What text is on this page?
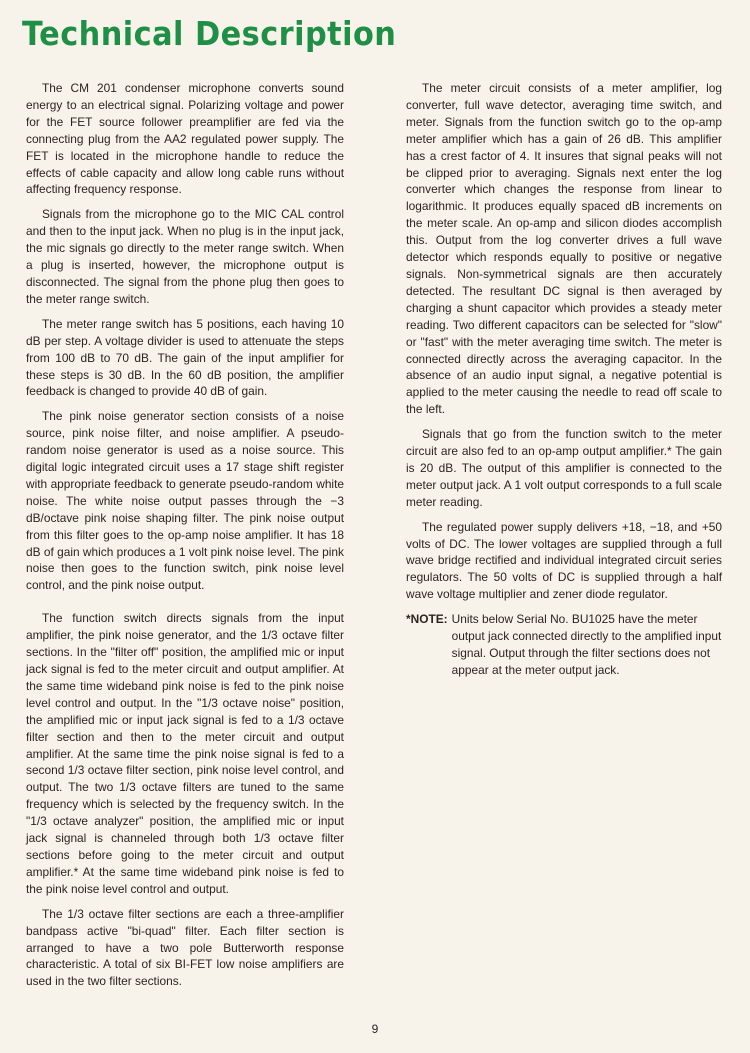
Technical Description

The CM 201 condenser microphone converts sound energy to an electrical signal. Polarizing voltage and power for the FET source follower preamplifier are fed via the connecting plug from the AA2 regulated power supply. The FET is located in the microphone handle to reduce the effects of cable capacity and allow long cable runs without affecting frequency response.

Signals from the microphone go to the MIC CAL control and then to the input jack. When no plug is in the input jack, the mic signals go directly to the meter range switch. When a plug is inserted, however, the microphone output is disconnected. The signal from the phone plug then goes to the meter range switch.

The meter range switch has 5 positions, each having 10 dB per step. A voltage divider is used to attenuate the steps from 100 dB to 70 dB. The gain of the input amplifier for these steps is 30 dB. In the 60 dB position, the amplifier feedback is changed to provide 40 dB of gain.

The pink noise generator section consists of a noise source, pink noise filter, and noise amplifier. A pseudo-random noise generator is used as a noise source. This digital logic integrated circuit uses a 17 stage shift register with appropriate feedback to generate pseudo-random white noise. The white noise output passes through the −3 dB/octave pink noise shaping filter. The pink noise output from this filter goes to the op-amp noise amplifier. It has 18 dB of gain which produces a 1 volt pink noise level. The pink noise then goes to the function switch, pink noise level control, and the pink noise output.

The function switch directs signals from the input amplifier, the pink noise generator, and the 1/3 octave filter sections. In the "filter off" position, the amplified mic or input jack signal is fed to the meter circuit and output amplifier. At the same time wideband pink noise is fed to the pink noise level control and output. In the "1/3 octave noise" position, the amplified mic or input jack signal is fed to a 1/3 octave filter section and then to the meter circuit and output amplifier. At the same time the pink noise signal is fed to a second 1/3 octave filter section, pink noise level control, and output. The two 1/3 octave filters are tuned to the same frequency which is selected by the frequency switch. In the "1/3 octave analyzer" position, the amplified mic or input jack signal is channeled through both 1/3 octave filter sections before going to the meter circuit and output amplifier.* At the same time wideband pink noise is fed to the pink noise level control and output.

The 1/3 octave filter sections are each a three-amplifier bandpass active "bi-quad" filter. Each filter section is arranged to have a two pole Butterworth response characteristic. A total of six BI-FET low noise amplifiers are used in the two filter sections.

The meter circuit consists of a meter amplifier, log converter, full wave detector, averaging time switch, and meter. Signals from the function switch go to the op-amp meter amplifier which has a gain of 26 dB. This amplifier has a crest factor of 4. It insures that signal peaks will not be clipped prior to averaging. Signals next enter the log converter which changes the response from linear to logarithmic. It produces equally spaced dB increments on the meter scale. An op-amp and silicon diodes accomplish this. Output from the log converter drives a full wave detector which responds equally to positive or negative signals. Non-symmetrical signals are then accurately detected. The resultant DC signal is then averaged by charging a shunt capacitor which provides a steady meter reading. Two different capacitors can be selected for "slow" or "fast" with the meter averaging time switch. The meter is connected directly across the averaging capacitor. In the absence of an audio input signal, a negative potential is applied to the meter causing the needle to read off scale to the left.

Signals that go from the function switch to the meter circuit are also fed to an op-amp output amplifier.* The gain is 20 dB. The output of this amplifier is connected to the meter output jack. A 1 volt output corresponds to a full scale meter reading.

The regulated power supply delivers +18, −18, and +50 volts of DC. The lower voltages are supplied through a full wave bridge rectified and individual integrated circuit series regulators. The 50 volts of DC is supplied through a half wave voltage multiplier and zener diode regulator.

*NOTE: Units below Serial No. BU1025 have the meter output jack connected directly to the amplified input signal. Output through the filter sections does not appear at the meter output jack.
9
